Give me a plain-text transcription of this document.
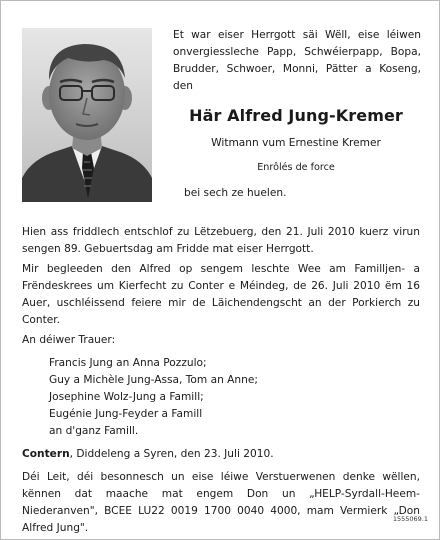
Et war eiser Herrgott säi Wëll, eise léiwen onvergiessleche Papp, Schwéierpapp, Bopa, Brudder, Schwoer, Monni, Pätter a Koseng, den
Här Alfred Jung-Kremer
Witmann vum Ernestine Kremer
Enrôlés de force
bei sech ze huelen.

Hien ass friddlech entschlof zu Lëtzebuerg, den 21. Juli 2010 kuerz virun sengen 89. Gebuertsdag am Fridde mat eiser Herrgott.

Mir begleeden den Alfred op sengem leschte Wee am Familljen- a Frëndeskrees um Kierfecht zu Conter e Méindeg, de 26. Juli 2010 ëm 16 Auer, uschléissend feiere mir de Läichendengscht an der Porkierch zu Conter.

An déiwer Trauer:

Francis Jung an Anna Pozzulo;
Guy a Michèle Jung-Assa, Tom an Anne;
Josephine Wolz-Jung a Famill;
Eugénie Jung-Feyder a Famill
an d'ganz Famill.

Contern, Diddeleng a Syren, den 23. Juli 2010.

Déi Leit, déi besonnesch un eise léiwe Verstuerwenen denke wëllen, kënnen dat maache mat engem Don un „HELP-Syrdall-Heem-Niederanven", BCEE LU22 0019 1700 0040 4000, mam Vermierk „Don Alfred Jung".

1555069.1
